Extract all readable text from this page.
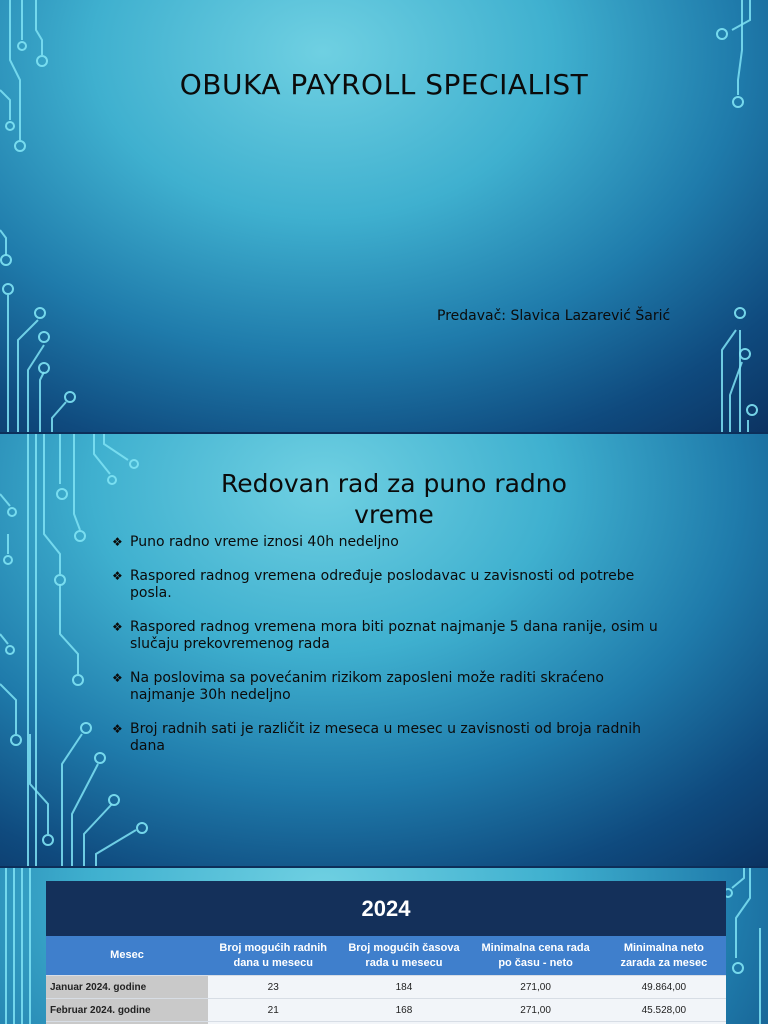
OBUKA PAYROLL SPECIALIST
Predavač: Slavica Lazarević Šarić
Redovan rad za puno radno vreme
❖ Puno radno vreme iznosi 40h nedeljno
❖ Raspored radnog vremena određuje poslodavac u zavisnosti od potrebe posla.
❖ Raspored radnog vremena mora biti poznat najmanje 5 dana ranije, osim u slučaju prekovremenog rada
❖ Na poslovima sa povećanim rizikom zaposleni može raditi skraćeno najmanje 30h nedeljno
❖ Broj radnih sati je različit iz meseca u mesec u zavisnosti od broja radnih dana
2024
Mesec	Broj mogućih radnih dana u mesecu	Broj mogućih časova rada u mesecu	Minimalna cena rada po času - neto	Minimalna neto zarada za mesec
Januar 2024. godine	23	184	271,00	49.864,00
Februar 2024. godine	21	168	271,00	45.528,00
